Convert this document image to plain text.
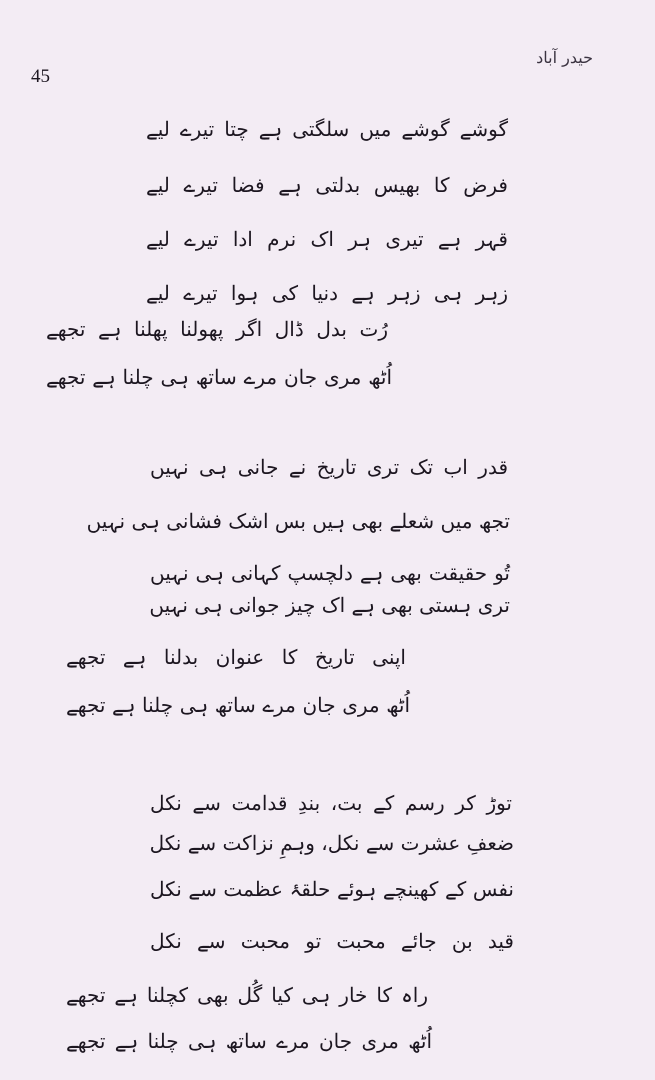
45
حیدر آباد
گوشے گوشے میں سلگتی ہے چتا تیرے لیے
فرض کا بھیس بدلتی ہے فضا تیرے لیے
قہر ہے تیری ہر اک نرم ادا تیرے لیے
زہر ہی زہر ہے دنیا کی ہوا تیرے لیے
رُت بدل ڈال اگر پھولنا پھلنا ہے تجھے
اُٹھ مری جان مرے ساتھ ہی چلنا ہے تجھے
قدر اب تک تری تاریخ نے جانی ہی نہیں
تجھ میں شعلے بھی ہیں بس اشک فشانی ہی نہیں
تُو حقیقت بھی ہے دلچسپ کہانی ہی نہیں
تری ہستی بھی ہے اک چیز جوانی ہی نہیں
اپنی تاریخ کا عنوان بدلنا ہے تجھے
اُٹھ مری جان مرے ساتھ ہی چلنا ہے تجھے
توڑ کر رسم کے بت، بندِ قدامت سے نکل
ضعفِ عشرت سے نکل، وہمِ نزاکت سے نکل
نفس کے کھینچے ہوئے حلقۂ عظمت سے نکل
قید بن جائے محبت تو محبت سے نکل
راہ کا خار ہی کیا گُل بھی کچلنا ہے تجھے
اُٹھ مری جان مرے ساتھ ہی چلنا ہے تجھے
